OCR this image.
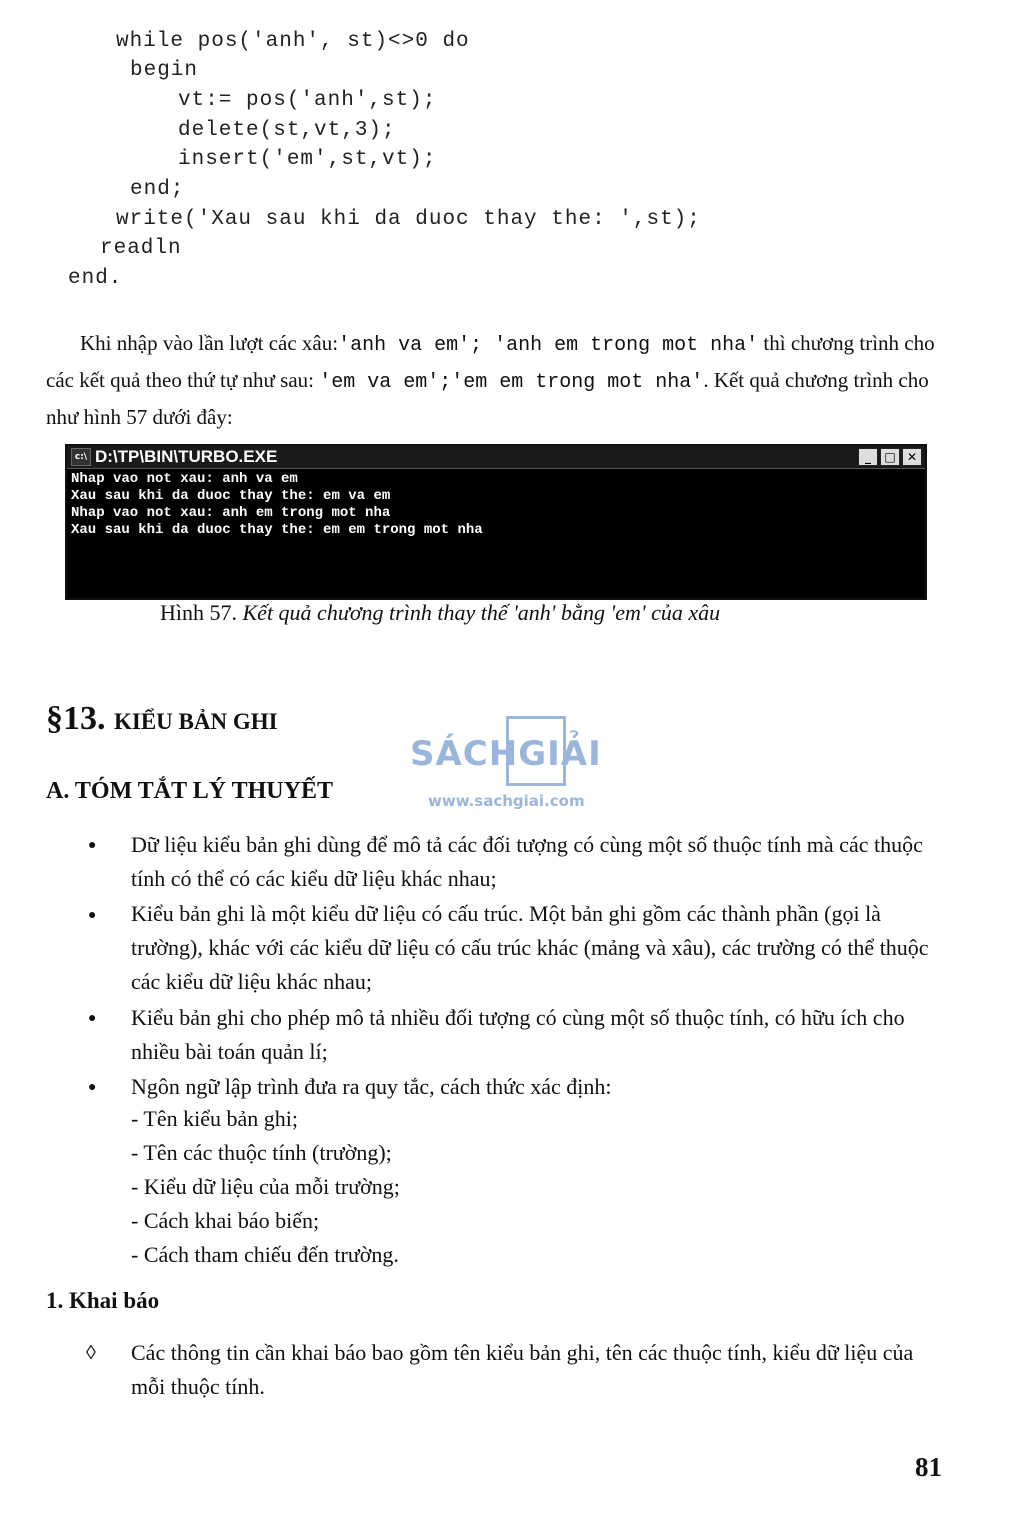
while pos('anh', st)<>0 do
begin
vt:= pos('anh',st);
delete(st,vt,3);
insert('em',st,vt);
end;
write('Xau sau khi da duoc thay the: ',st);
readln
end.
Khi nhập vào lần lượt các xâu:'anh va em'; 'anh em trong mot nha' thì chương trình cho các kết quả theo thứ tự như sau: 'em va em';'em em trong mot nha'. Kết quả chương trình cho như hình 57 dưới đây:
c:\ D:\TP\BIN\TURBO.EXE	_	□ ✕
Nhap vao not xau: anh va em
Xau sau khi da duoc thay the: em va em
Nhap vao not xau: anh em trong mot nha
Xau sau khi da duoc thay the: em em trong mot nha
Hình 57. Kết quả chương trình thay thế 'anh' bằng 'em' của xâu
§13. KIỂU BẢN GHI
SÁCHGIẢI
www.sachgiai.com
A. TÓM TẮT LÝ THUYẾT
● Dữ liệu kiểu bản ghi dùng để mô tả các đối tượng có cùng một số thuộc tính mà các thuộc tính có thể có các kiểu dữ liệu khác nhau;
● Kiểu bản ghi là một kiểu dữ liệu có cấu trúc. Một bản ghi gồm các thành phần (gọi là trường), khác với các kiểu dữ liệu có cấu trúc khác (mảng và xâu), các trường có thể thuộc các kiểu dữ liệu khác nhau;
● Kiểu bản ghi cho phép mô tả nhiều đối tượng có cùng một số thuộc tính, có hữu ích cho nhiều bài toán quản lí;
● Ngôn ngữ lập trình đưa ra quy tắc, cách thức xác định:
- Tên kiểu bản ghi;
- Tên các thuộc tính (trường);
- Kiểu dữ liệu của mỗi trường;
- Cách khai báo biến;
- Cách tham chiếu đến trường.
1. Khai báo
◊ Các thông tin cần khai báo bao gồm tên kiểu bản ghi, tên các thuộc tính, kiểu dữ liệu của mỗi thuộc tính.
81
